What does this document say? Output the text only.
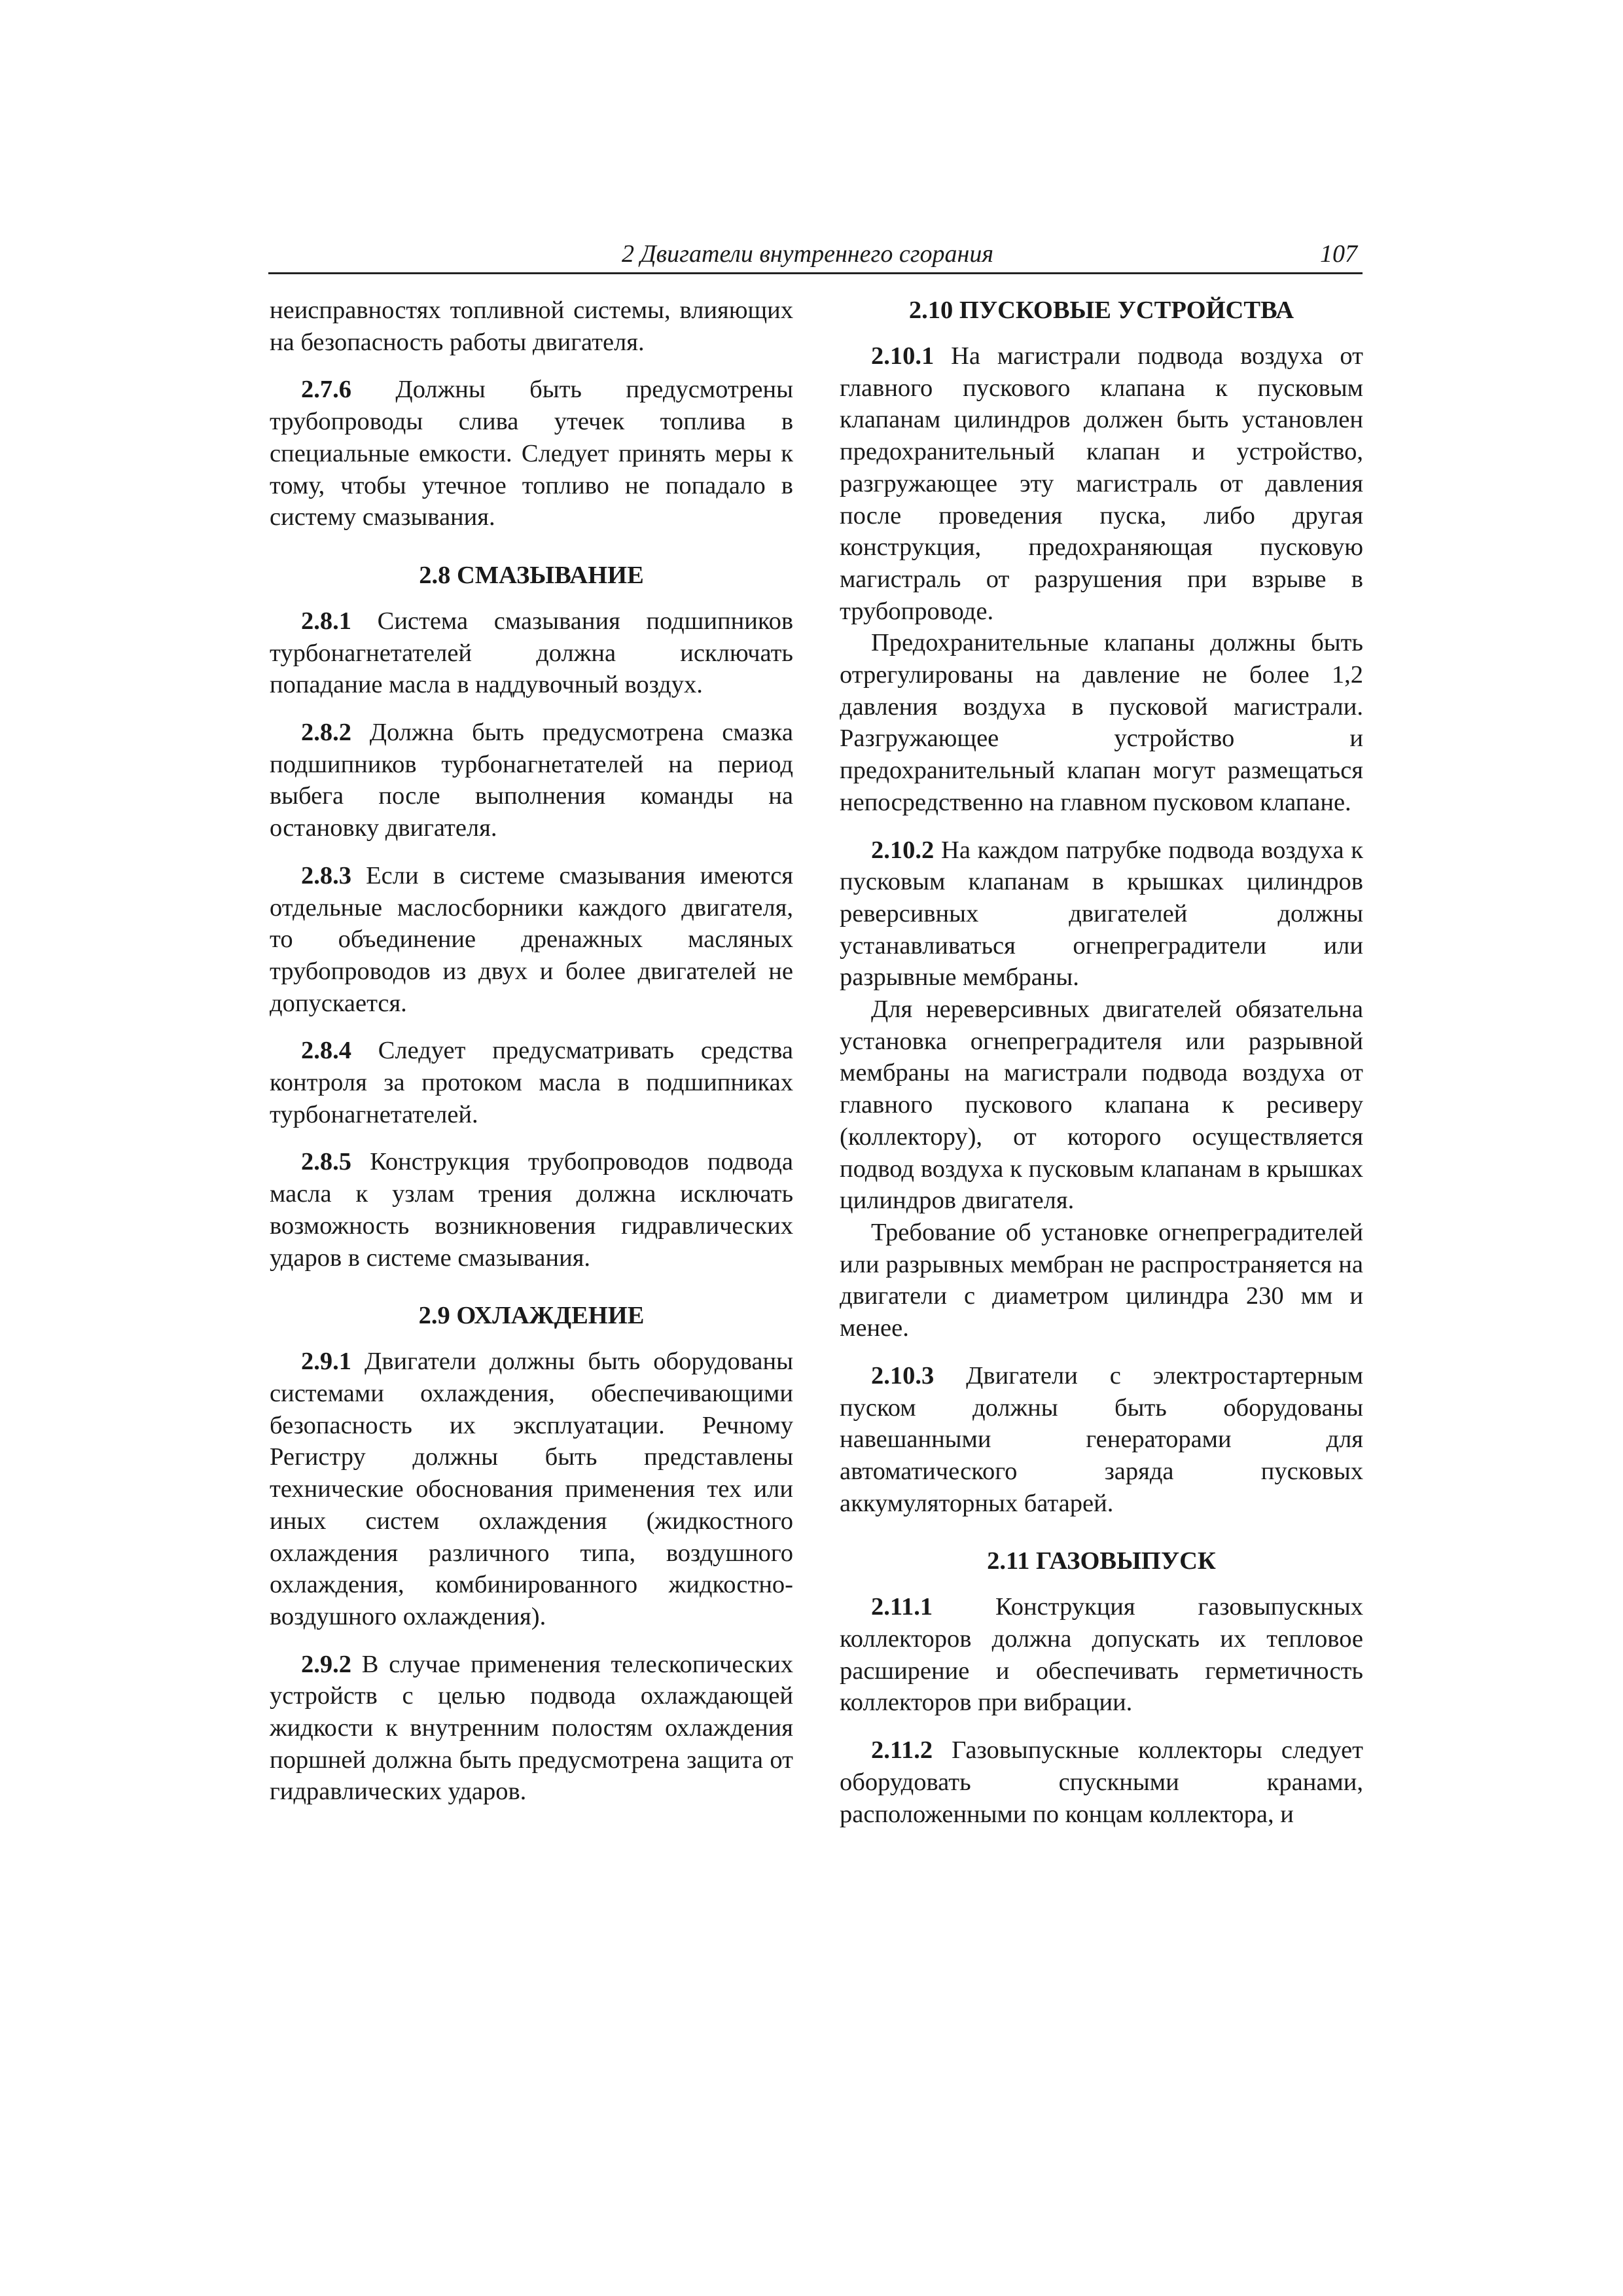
2 Двигатели внутреннего сгорания	107

неисправностях топливной системы, влияющих на безопасность работы двигателя.

2.7.6 Должны быть предусмотрены трубопроводы слива утечек топлива в специальные емкости. Следует принять меры к тому, чтобы утечное топливо не попадало в систему смазывания.

2.8 СМАЗЫВАНИЕ

2.8.1 Система смазывания подшипников турбонагнетателей должна исключать попадание масла в наддувочный воздух.

2.8.2 Должна быть предусмотрена смазка подшипников турбонагнетателей на период выбега после выполнения команды на остановку двигателя.

2.8.3 Если в системе смазывания имеются отдельные маслосборники каждого двигателя, то объединение дренажных масляных трубопроводов из двух и более двигателей не допускается.

2.8.4 Следует предусматривать средства контроля за протоком масла в подшипниках турбонагнетателей.

2.8.5 Конструкция трубопроводов подвода масла к узлам трения должна исключать возможность возникновения гидравлических ударов в системе смазывания.

2.9 ОХЛАЖДЕНИЕ

2.9.1 Двигатели должны быть оборудованы системами охлаждения, обеспечивающими безопасность их эксплуатации. Речному Регистру должны быть представлены технические обоснования применения тех или иных систем охлаждения (жидкостного охлаждения различного типа, воздушного охлаждения, комбинированного жидкостно-воздушного охлаждения).

2.9.2 В случае применения телескопических устройств с целью подвода охлаждающей жидкости к внутренним полостям охлаждения поршней должна быть предусмотрена защита от гидравлических ударов.

2.10 ПУСКОВЫЕ УСТРОЙСТВА

2.10.1 На магистрали подвода воздуха от главного пускового клапана к пусковым клапанам цилиндров должен быть установлен предохранительный клапан и устройство, разгружающее эту магистраль от давления после проведения пуска, либо другая конструкция, предохраняющая пусковую магистраль от разрушения при взрыве в трубопроводе.

Предохранительные клапаны должны быть отрегулированы на давление не более 1,2 давления воздуха в пусковой магистрали. Разгружающее устройство и предохранительный клапан могут размещаться непосредственно на главном пусковом клапане.

2.10.2 На каждом патрубке подвода воздуха к пусковым клапанам в крышках цилиндров реверсивных двигателей должны устанавливаться огнепреградители или разрывные мембраны.

Для нереверсивных двигателей обязательна установка огнепреградителя или разрывной мембраны на магистрали подвода воздуха от главного пускового клапана к ресиверу (коллектору), от которого осуществляется подвод воздуха к пусковым клапанам в крышках цилиндров двигателя.

Требование об установке огнепреградителей или разрывных мембран не распространяется на двигатели с диаметром цилиндра 230 мм и менее.

2.10.3 Двигатели с электростартерным пуском должны быть оборудованы навешанными генераторами для автоматического заряда пусковых аккумуляторных батарей.

2.11 ГАЗОВЫПУСК

2.11.1 Конструкция газовыпускных коллекторов должна допускать их тепловое расширение и обеспечивать герметичность коллекторов при вибрации.

2.11.2 Газовыпускные коллекторы следует оборудовать спускными кранами, расположенными по концам коллектора, и
